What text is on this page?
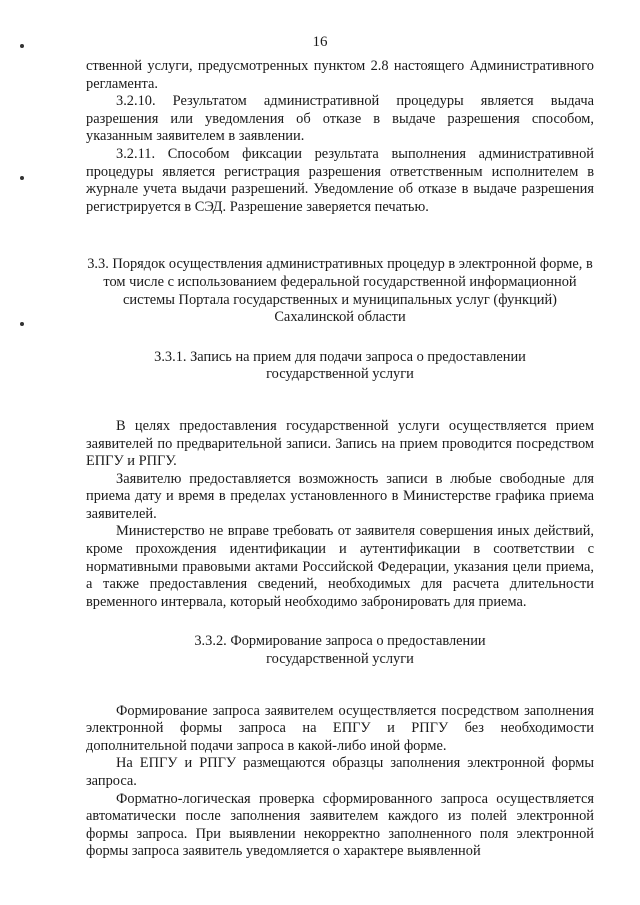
16

ственной услуги, предусмотренных пунктом 2.8 настоящего Административного регламента.

3.2.10. Результатом административной процедуры является выдача разрешения или уведомления об отказе в выдаче разрешения способом, указанным заявителем в заявлении.

3.2.11. Способом фиксации результата выполнения административной процедуры является регистрация разрешения ответственным исполнителем в журнале учета выдачи разрешений. Уведомление об отказе в выдаче разрешения регистрируется в СЭД. Разрешение заверяется печатью.

3.3. Порядок осуществления административных процедур в электронной форме, в том числе с использованием федеральной государственной информационной системы Портала государственных и муниципальных услуг (функций) Сахалинской области

3.3.1. Запись на прием для подачи запроса о предоставлении

государственной услуги

В целях предоставления государственной услуги осуществляется прием заявителей по предварительной записи. Запись на прием проводится посредством ЕПГУ и РПГУ.

Заявителю предоставляется возможность записи в любые свободные для приема дату и время в пределах установленного в Министерстве графика приема заявителей.

Министерство не вправе требовать от заявителя совершения иных действий, кроме прохождения идентификации и аутентификации в соответствии с нормативными правовыми актами Российской Федерации, указания цели приема, а также предоставления сведений, необходимых для расчета длительности временного интервала, который необходимо забронировать для приема.

3.3.2. Формирование запроса о предоставлении

государственной услуги

Формирование запроса заявителем осуществляется посредством заполнения электронной формы запроса на ЕПГУ и РПГУ без необходимости дополнительной подачи запроса в какой-либо иной форме.

На ЕПГУ и РПГУ размещаются образцы заполнения электронной формы запроса.

Форматно-логическая проверка сформированного запроса осуществляется автоматически после заполнения заявителем каждого из полей электронной формы запроса. При выявлении некорректно заполненного поля электронной формы запроса заявитель уведомляется о характере выявленной
